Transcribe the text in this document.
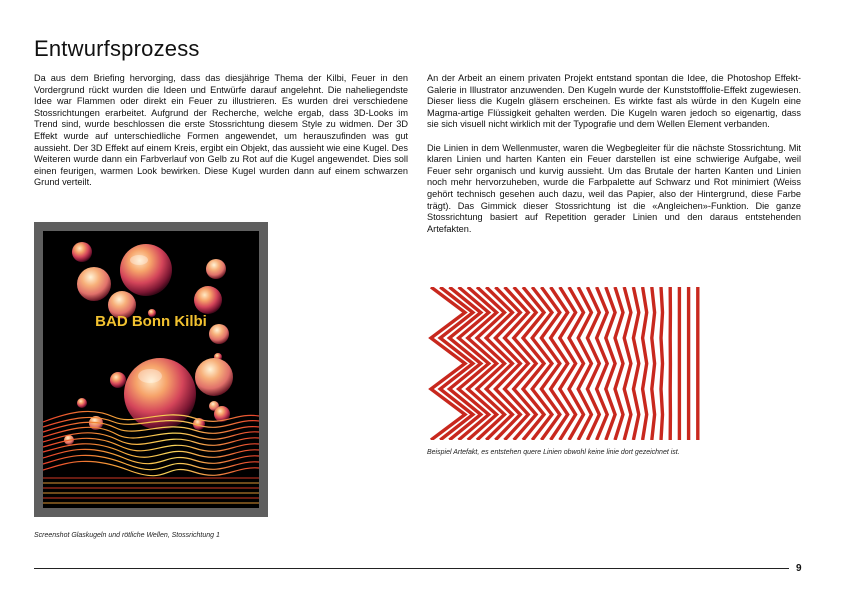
Entwurfsprozess

Da aus dem Briefing hervorging, dass das diesjährige Thema der Kilbi, Feuer in den Vordergrund rückt wurden die Ideen und Entwürfe darauf angelehnt. Die naheliegendste Idee war Flammen oder direkt ein Feuer zu illustrieren. Es wurden drei verschiedene Stossrichtungen erarbeitet. Aufgrund der Recherche, welche ergab, dass 3D-Looks im Trend sind, wurde beschlossen die erste Stossrichtung diesem Style zu widmen. Der 3D Effekt wurde auf unterschiedliche Formen angewendet, um herauszufinden was gut aussieht. Der 3D Effekt auf einem Kreis, ergibt ein Objekt, das aussieht wie eine Kugel. Des Weiteren wurde dann ein Farbverlauf von Gelb zu Rot auf die Kugel angewendet. Dies soll einen feurigen, warmen Look bewirken. Diese Kugel wurden dann auf einem schwarzen Grund verteilt.

An der Arbeit an einem privaten Projekt entstand spontan die Idee, die Photoshop Effekt-Galerie in Illustrator anzuwenden. Den Kugeln wurde der Kunststofffolie-Effekt zugewiesen. Dieser liess die Kugeln gläsern erscheinen. Es wirkte fast als würde in den Kugeln eine Magma-artige Flüssigkeit gehalten werden. Die Kugeln waren jedoch so eigenartig, dass sie sich visuell nicht wirklich mit der Typografie und dem Wellen Element verbanden.

Die Linien in dem Wellenmuster, waren die Wegbegleiter für die nächste Stossrichtung. Mit klaren Linien und harten Kanten ein Feuer darstellen ist eine schwierige Aufgabe, weil Feuer sehr organisch und kurvig aussieht. Um das Brutale der harten Kanten und Linien noch mehr hervorzuheben, wurde die Farbpalette auf Schwarz und Rot minimiert (Weiss gehört technisch gesehen auch dazu, weil das Papier, also der Hintergrund, diese Farbe trägt). Das Gimmick dieser Stossrichtung ist die «Angleichen»-Funktion. Die ganze Stossrichtung basiert auf Repetition gerader Linien und den daraus entstehenden Artefakten.

BAD Bonn Kilbi

Screenshot Glaskugeln und rötliche Wellen, Stossrichtung 1

Beispiel Artefakt, es entstehen quere Linien obwohl keine linie dort gezeichnet ist.

9
